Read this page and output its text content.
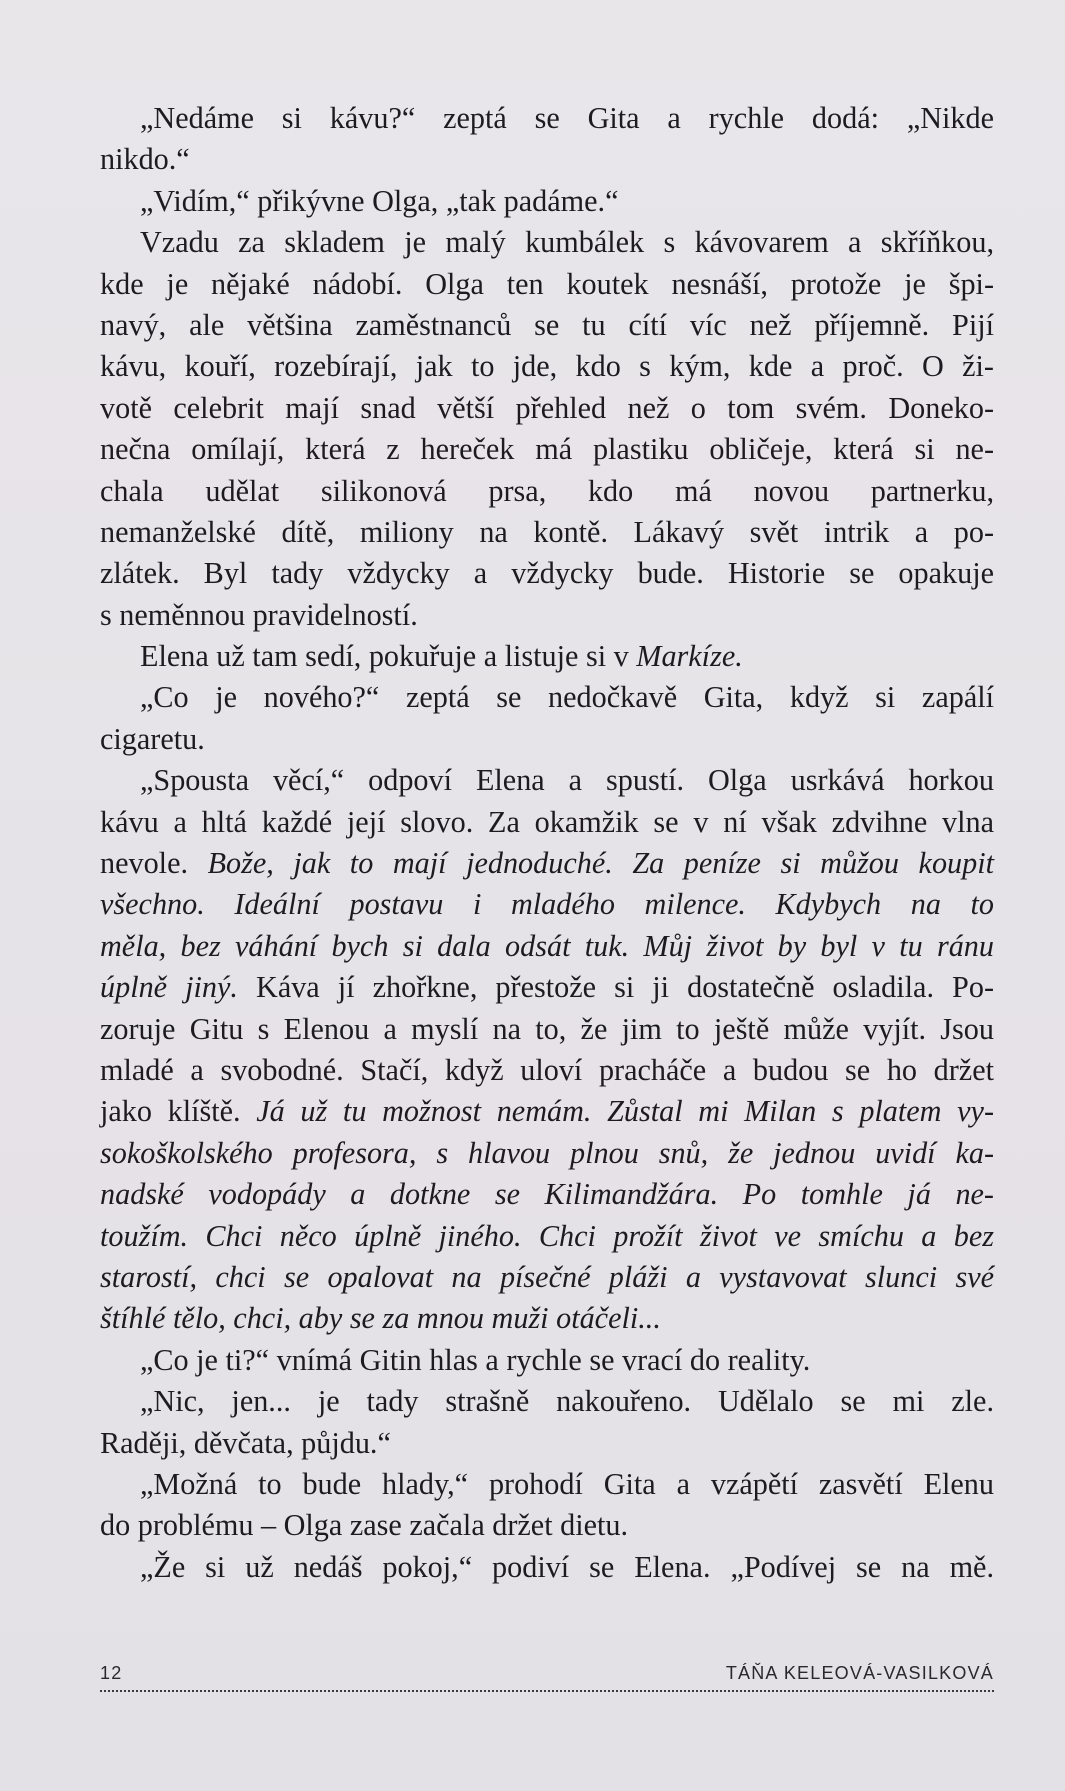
„Nedáme si kávu?“ zeptá se Gita a rychle dodá: „Nikde
nikdo.“
„Vidím,“ přikývne Olga, „tak padáme.“
Vzadu za skladem je malý kumbálek s kávovarem a skříňkou,
kde je nějaké nádobí. Olga ten koutek nesnáší, protože je špi-
navý, ale většina zaměstnanců se tu cítí víc než příjemně. Pijí
kávu, kouří, rozebírají, jak to jde, kdo s kým, kde a proč. O ži-
votě celebrit mají snad větší přehled než o tom svém. Doneko-
nečna omílají, která z hereček má plastiku obličeje, která si ne-
chala udělat silikonová prsa, kdo má novou partnerku,
nemanželské dítě, miliony na kontě. Lákavý svět intrik a po-
zlátek. Byl tady vždycky a vždycky bude. Historie se opakuje
s neměnnou pravidelností.
Elena už tam sedí, pokuřuje a listuje si v Markíze.
„Co je nového?“ zeptá se nedočkavě Gita, když si zapálí
cigaretu.
„Spousta věcí,“ odpoví Elena a spustí. Olga usrkává horkou
kávu a hltá každé její slovo. Za okamžik se v ní však zdvihne vlna
nevole. Bože, jak to mají jednoduché. Za peníze si můžou koupit
všechno. Ideální postavu i mladého milence. Kdybych na to
měla, bez váhání bych si dala odsát tuk. Můj život by byl v tu ránu
úplně jiný. Káva jí zhořkne, přestože si ji dostatečně osladila. Po-
zoruje Gitu s Elenou a myslí na to, že jim to ještě může vyjít. Jsou
mladé a svobodné. Stačí, když uloví pracháče a budou se ho držet
jako klíště. Já už tu možnost nemám. Zůstal mi Milan s platem vy-
sokoškolského profesora, s hlavou plnou snů, že jednou uvidí ka-
nadské vodopády a dotkne se Kilimandžára. Po tomhle já ne-
toužím. Chci něco úplně jiného. Chci prožít život ve smíchu a bez
starostí, chci se opalovat na písečné pláži a vystavovat slunci své
štíhlé tělo, chci, aby se za mnou muži otáčeli...
„Co je ti?“ vnímá Gitin hlas a rychle se vrací do reality.
„Nic, jen... je tady strašně nakouřeno. Udělalo se mi zle.
Raději, děvčata, půjdu.“
„Možná to bude hlady,“ prohodí Gita a vzápětí zasvětí Elenu
do problému – Olga zase začala držet dietu.
„Že si už nedáš pokoj,“ podiví se Elena. „Podívej se na mě.
12	TÁŇA KELEOVÁ-VASILKOVÁ
